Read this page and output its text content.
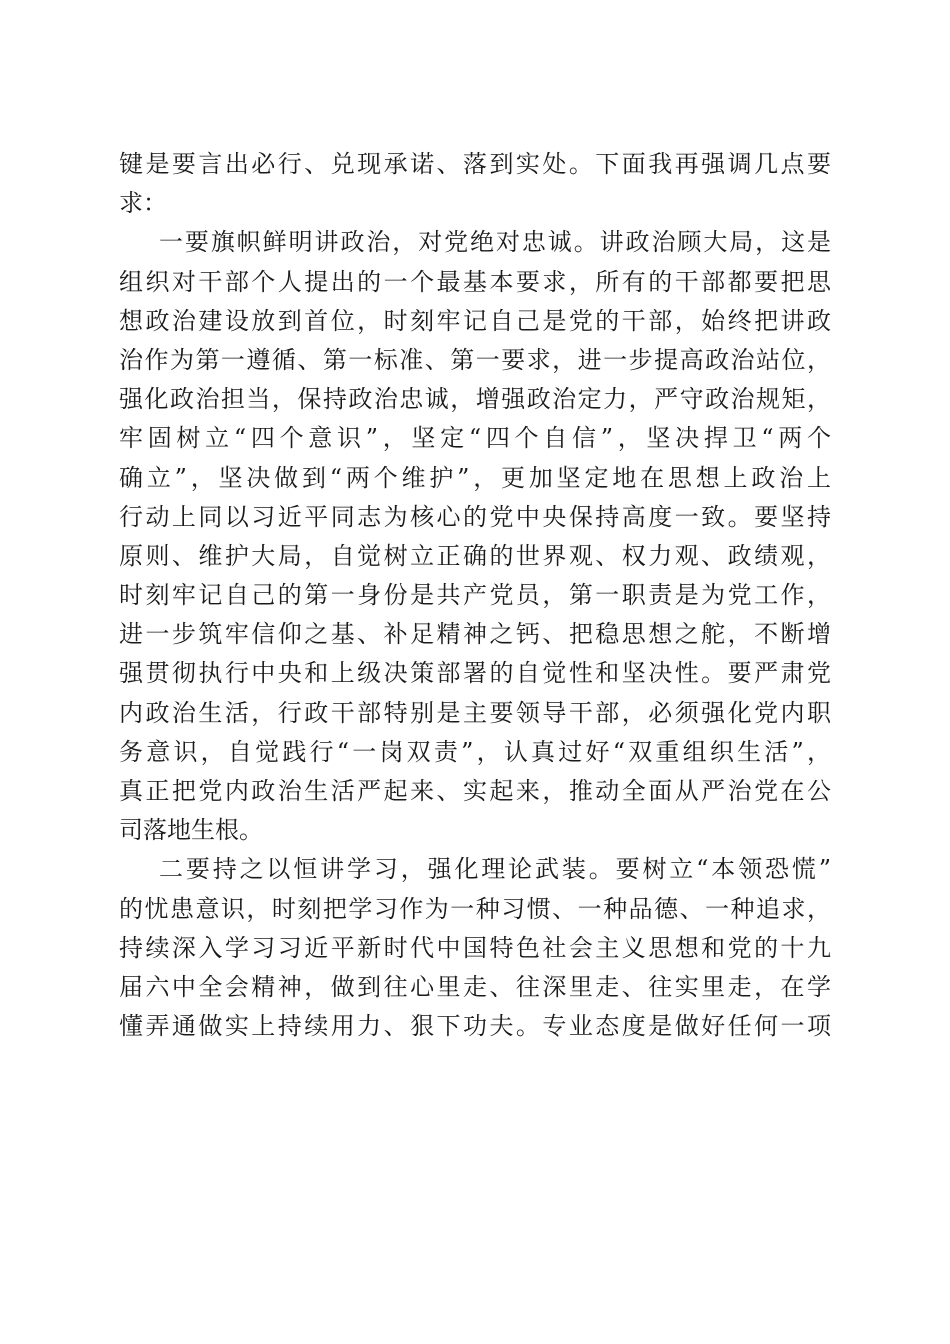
键是要言出必行、兑现承诺、落到实处。下面我再强调几点要
求：
一要旗帜鲜明讲政治，对党绝对忠诚。讲政治顾大局，这是
组织对干部个人提出的一个最基本要求，所有的干部都要把思
想政治建设放到首位，时刻牢记自己是党的干部，始终把讲政
治作为第一遵循、第一标准、第一要求，进一步提高政治站位，
强化政治担当，保持政治忠诚，增强政治定力，严守政治规矩，
牢固树立“四个意识”，坚定“四个自信”，坚决捍卫“两个
确立”，坚决做到“两个维护”，更加坚定地在思想上政治上
行动上同以习近平同志为核心的党中央保持高度一致。要坚持
原则、维护大局，自觉树立正确的世界观、权力观、政绩观，
时刻牢记自己的第一身份是共产党员，第一职责是为党工作，
进一步筑牢信仰之基、补足精神之钙、把稳思想之舵，不断增
强贯彻执行中央和上级决策部署的自觉性和坚决性。要严肃党
内政治生活，行政干部特别是主要领导干部，必须强化党内职
务意识，自觉践行“一岗双责”，认真过好“双重组织生活”，
真正把党内政治生活严起来、实起来，推动全面从严治党在公
司落地生根。
二要持之以恒讲学习，强化理论武装。要树立“本领恐慌”
的忧患意识，时刻把学习作为一种习惯、一种品德、一种追求，
持续深入学习习近平新时代中国特色社会主义思想和党的十九
届六中全会精神，做到往心里走、往深里走、往实里走，在学
懂弄通做实上持续用力、狠下功夫。专业态度是做好任何一项
